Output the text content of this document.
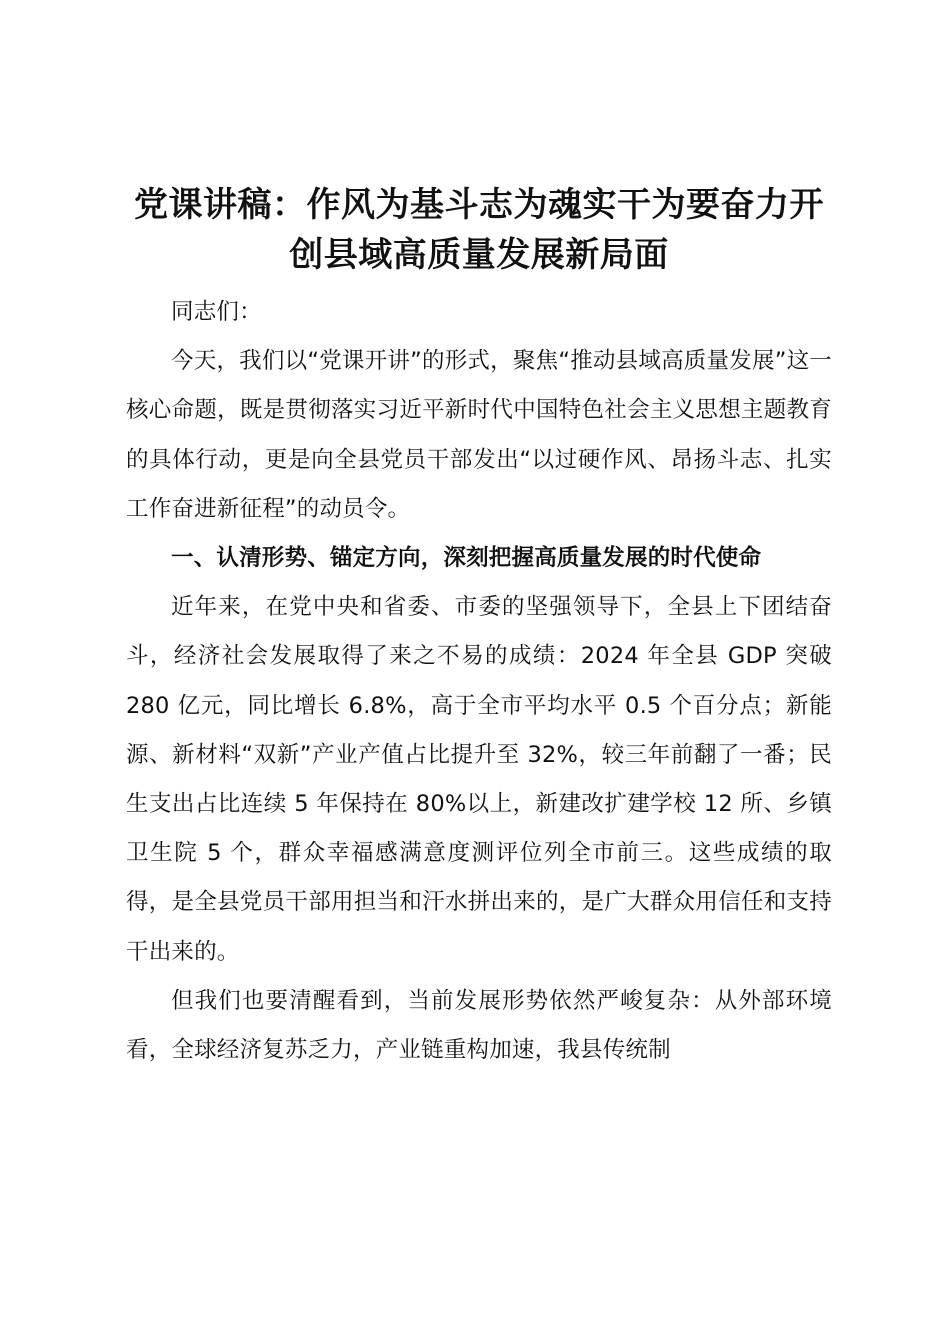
党课讲稿：作风为基斗志为魂实干为要奋力开创县域高质量发展新局面

同志们：

今天，我们以“党课开讲”的形式，聚焦“推动县域高质量发展”这一核心命题，既是贯彻落实习近平新时代中国特色社会主义思想主题教育的具体行动，更是向全县党员干部发出“以过硬作风、昂扬斗志、扎实工作奋进新征程”的动员令。

一、认清形势、锚定方向，深刻把握高质量发展的时代使命

近年来，在党中央和省委、市委的坚强领导下，全县上下团结奋斗，经济社会发展取得了来之不易的成绩：2024 年全县 GDP 突破 280 亿元，同比增长 6.8%，高于全市平均水平 0.5 个百分点；新能源、新材料“双新”产业产值占比提升至 32%，较三年前翻了一番；民生支出占比连续 5 年保持在 80%以上，新建改扩建学校 12 所、乡镇卫生院 5 个，群众幸福感满意度测评位列全市前三。这些成绩的取得，是全县党员干部用担当和汗水拼出来的，是广大群众用信任和支持干出来的。

但我们也要清醒看到，当前发展形势依然严峻复杂：从外部环境看，全球经济复苏乏力，产业链重构加速，我县传统制
